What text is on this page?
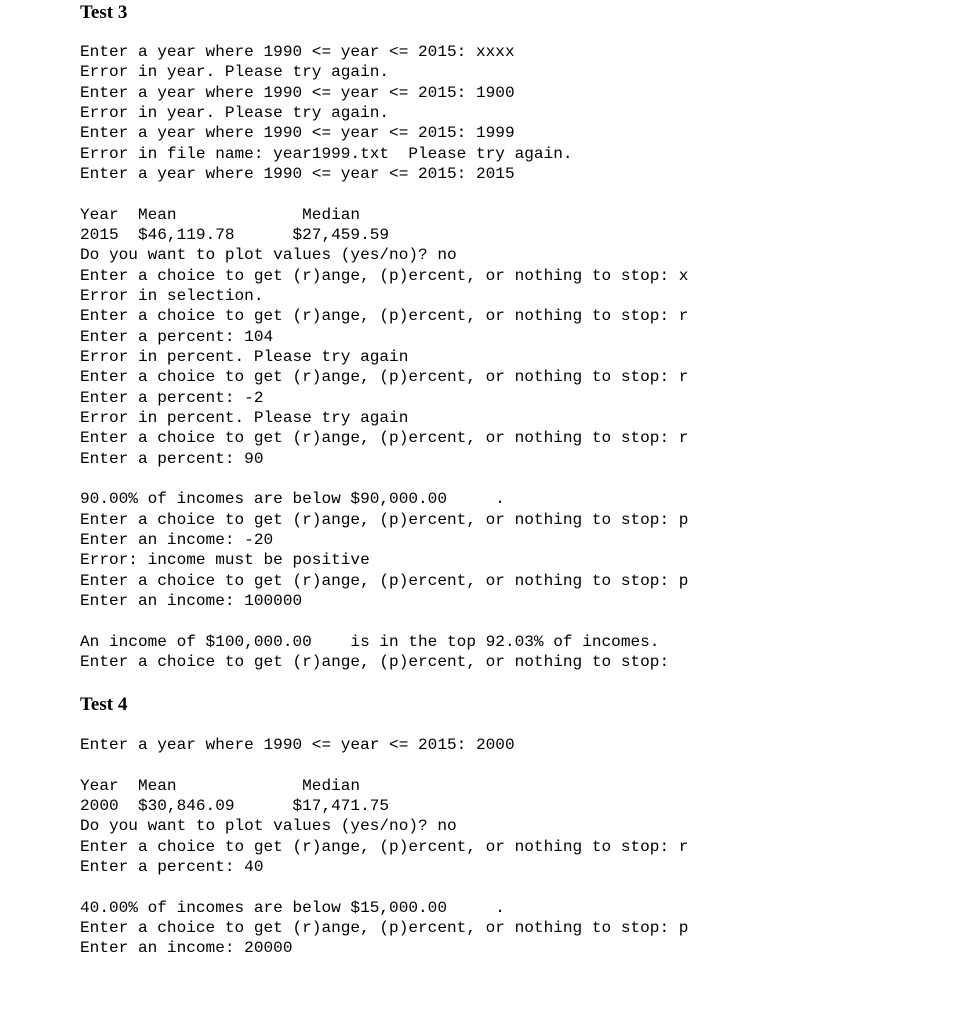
Test 3
Enter a year where 1990 <= year <= 2015: xxxx
Error in year. Please try again.
Enter a year where 1990 <= year <= 2015: 1900
Error in year. Please try again.
Enter a year where 1990 <= year <= 2015: 1999
Error in file name: year1999.txt  Please try again.
Enter a year where 1990 <= year <= 2015: 2015
Year  Mean             Median
2015  $46,119.78      $27,459.59
Do you want to plot values (yes/no)? no
Enter a choice to get (r)ange, (p)ercent, or nothing to stop: x
Error in selection.
Enter a choice to get (r)ange, (p)ercent, or nothing to stop: r
Enter a percent: 104
Error in percent. Please try again
Enter a choice to get (r)ange, (p)ercent, or nothing to stop: r
Enter a percent: -2
Error in percent. Please try again
Enter a choice to get (r)ange, (p)ercent, or nothing to stop: r
Enter a percent: 90
90.00% of incomes are below $90,000.00     .
Enter a choice to get (r)ange, (p)ercent, or nothing to stop: p
Enter an income: -20
Error: income must be positive
Enter a choice to get (r)ange, (p)ercent, or nothing to stop: p
Enter an income: 100000
An income of $100,000.00    is in the top 92.03% of incomes.
Enter a choice to get (r)ange, (p)ercent, or nothing to stop:
Test 4
Enter a year where 1990 <= year <= 2015: 2000
Year  Mean             Median
2000  $30,846.09      $17,471.75
Do you want to plot values (yes/no)? no
Enter a choice to get (r)ange, (p)ercent, or nothing to stop: r
Enter a percent: 40
40.00% of incomes are below $15,000.00     .
Enter a choice to get (r)ange, (p)ercent, or nothing to stop: p
Enter an income: 20000
